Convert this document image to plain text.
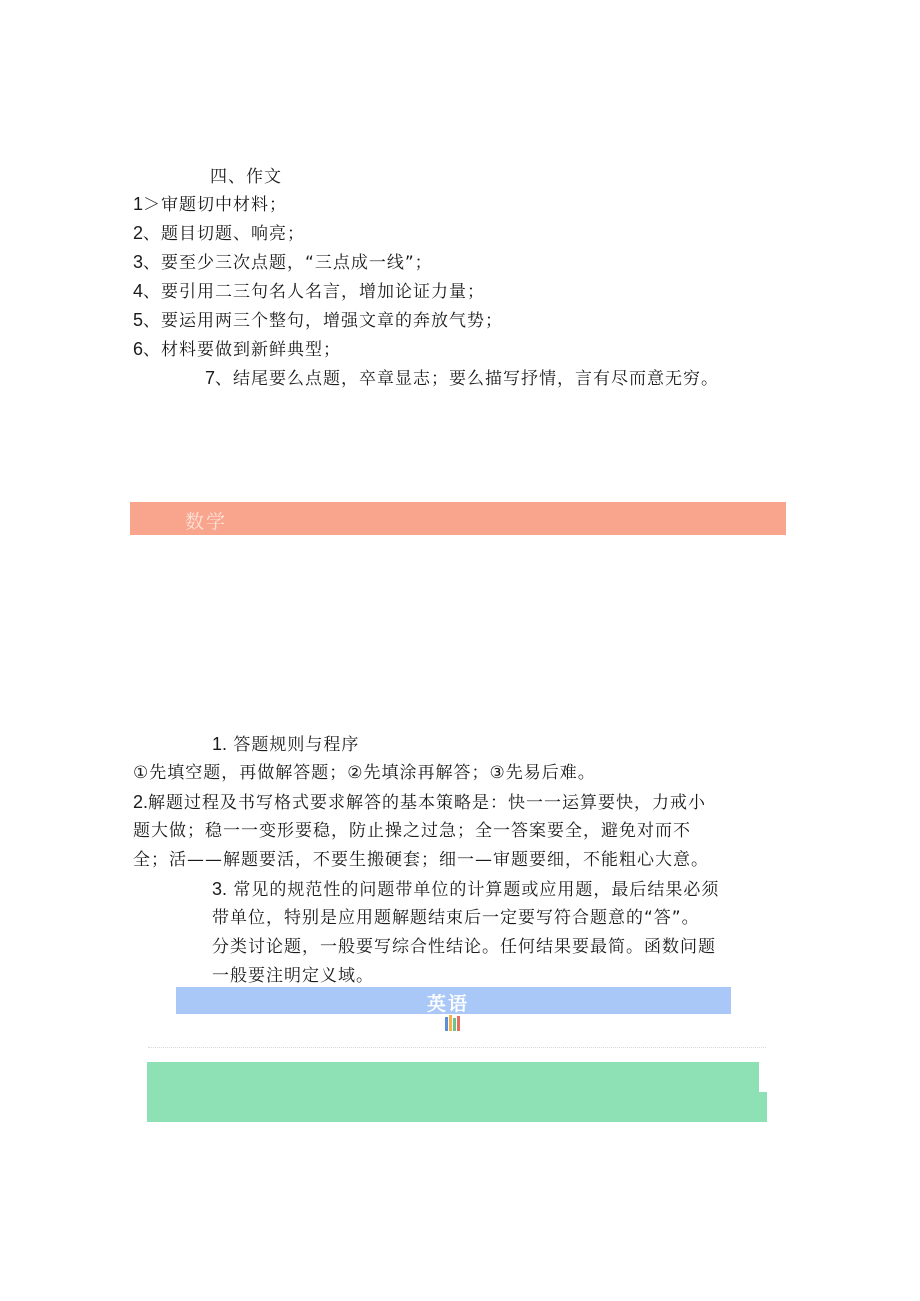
四、作文
1＞审题切中材料；
2、题目切题、响亮；
3、要至少三次点题，“三点成一线”；
4、要引用二三句名人名言，增加论证力量；
5、要运用两三个整句，增强文章的奔放气势；
6、材料要做到新鲜典型；
7、结尾要么点题，卒章显志；要么描写抒情，言有尽而意无穷。
数学
1. 答题规则与程序
①先填空题，再做解答题；②先填涂再解答；③先易后难。
2.解题过程及书写格式要求解答的基本策略是：快一一运算要快，力戒小
题大做；稳一一变形要稳，防止操之过急；全一答案要全，避免对而不
全；活——解题要活，不要生搬硬套；细一—审题要细，不能粗心大意。
3. 常见的规范性的问题带单位的计算题或应用题，最后结果必须
带单位，特别是应用题解题结束后一定要写符合题意的“答”。
分类讨论题，一般要写综合性结论。任何结果要最简。函数问题
一般要注明定义域。
英语
